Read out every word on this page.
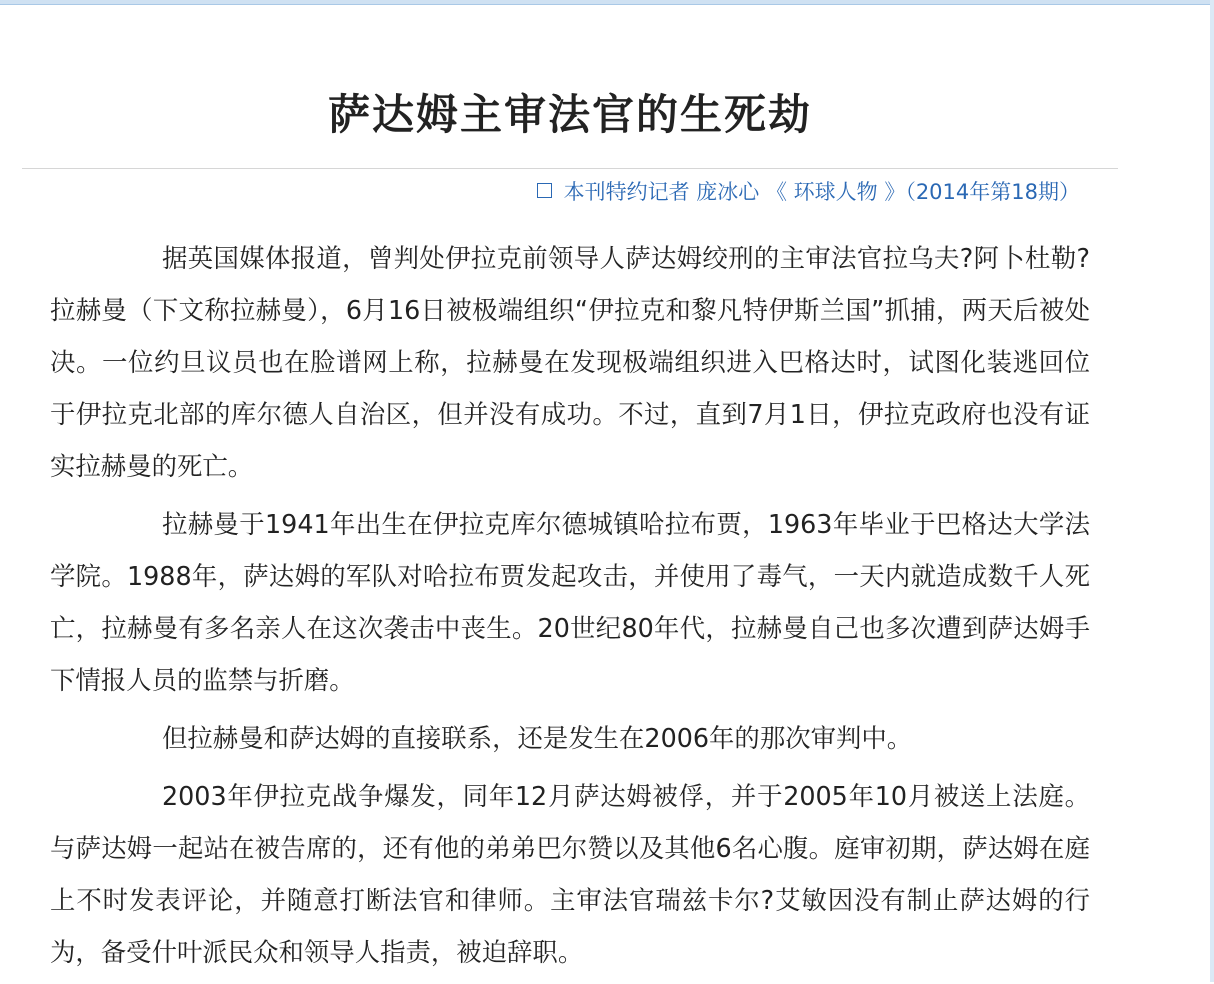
萨达姆主审法官的生死劫
本刊特约记者 庞冰心 《 环球人物 》（2014年第18期）

据英国媒体报道，曾判处伊拉克前领导人萨达姆绞刑的主审法官拉乌夫?阿卜杜勒?拉赫曼（下文称拉赫曼），6月16日被极端组织“伊拉克和黎凡特伊斯兰国”抓捕，两天后被处决。一位约旦议员也在脸谱网上称，拉赫曼在发现极端组织进入巴格达时，试图化装逃回位于伊拉克北部的库尔德人自治区，但并没有成功。不过，直到7月1日，伊拉克政府也没有证实拉赫曼的死亡。

拉赫曼于1941年出生在伊拉克库尔德城镇哈拉布贾，1963年毕业于巴格达大学法学院。1988年，萨达姆的军队对哈拉布贾发起攻击，并使用了毒气，一天内就造成数千人死亡，拉赫曼有多名亲人在这次袭击中丧生。20世纪80年代，拉赫曼自己也多次遭到萨达姆手下情报人员的监禁与折磨。

但拉赫曼和萨达姆的直接联系，还是发生在2006年的那次审判中。

2003年伊拉克战争爆发，同年12月萨达姆被俘，并于2005年10月被送上法庭。与萨达姆一起站在被告席的，还有他的弟弟巴尔赞以及其他6名心腹。庭审初期，萨达姆在庭上不时发表评论，并随意打断法官和律师。主审法官瑞兹卡尔?艾敏因没有制止萨达姆的行为，备受什叶派民众和领导人指责，被迫辞职。
